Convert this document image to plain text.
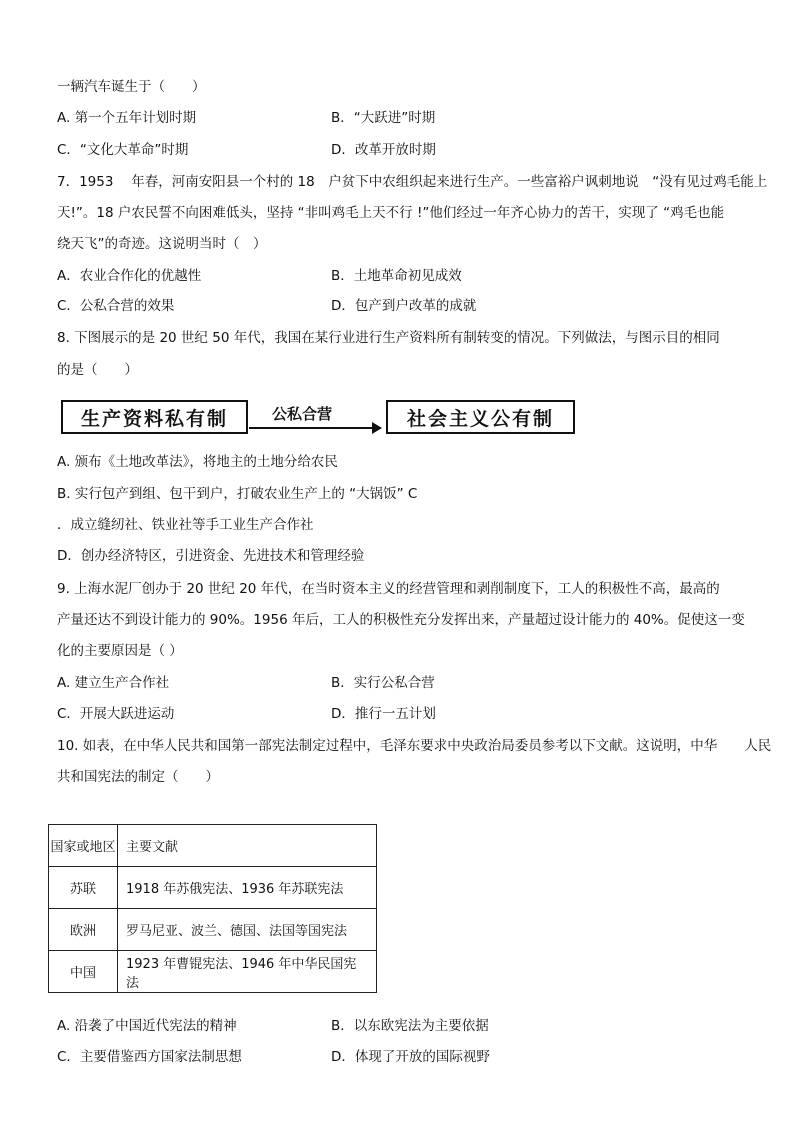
一辆汽车诞生于（　　）
A. 第一个五年计划时期	B．“大跃进”时期
C．“文化大革命”时期	D．改革开放时期
7．1953　 年春，河南安阳县一个村的 18　户贫下中农组织起来进行生产。一些富裕户讽刺地说　“没有见过鸡毛能上
天!”。18 户农民誓不向困难低头，坚持 “非叫鸡毛上天不行 !”他们经过一年齐心协力的苦干，实现了 “鸡毛也能
绕天飞”的奇迹。这说明当时（　）
A．农业合作化的优越性	B．土地革命初见成效
C．公私合营的效果	D．包产到户改革的成就
8. 下图展示的是 20 世纪 50 年代，我国在某行业进行生产资料所有制转变的情况。下列做法，与图示目的相同
的是（　　）
生产资料私有制	公私合营	社会主义公有制
A. 颁布《土地改革法》，将地主的土地分给农民
B. 实行包产到组、包干到户，打破农业生产上的 “大锅饭” C
．成立缝纫社、铁业社等手工业生产合作社
D．创办经济特区，引进资金、先进技术和管理经验
9. 上海水泥厂创办于 20 世纪 20 年代，在当时资本主义的经营管理和剥削制度下，工人的积极性不高，最高的
产量还达不到设计能力的 90%。1956 年后，工人的积极性充分发挥出来，产量超过设计能力的 40%。促使这一变
化的主要原因是（ ）
A. 建立生产合作社	B．实行公私合营
C．开展大跃进运动	D．推行一五计划
10. 如表，在中华人民共和国第一部宪法制定过程中，毛泽东要求中央政治局委员参考以下文献。这说明，中华　　人民
共和国宪法的制定（　　）
国家或地区	主要文献
苏联	1918 年苏俄宪法、1936 年苏联宪法
欧洲	罗马尼亚、波兰、德国、法国等国宪法
中国	1923 年曹锟宪法、1946 年中华民国宪法
A. 沿袭了中国近代宪法的精神	B．以东欧宪法为主要依据
C．主要借鉴西方国家法制思想	D．体现了开放的国际视野
